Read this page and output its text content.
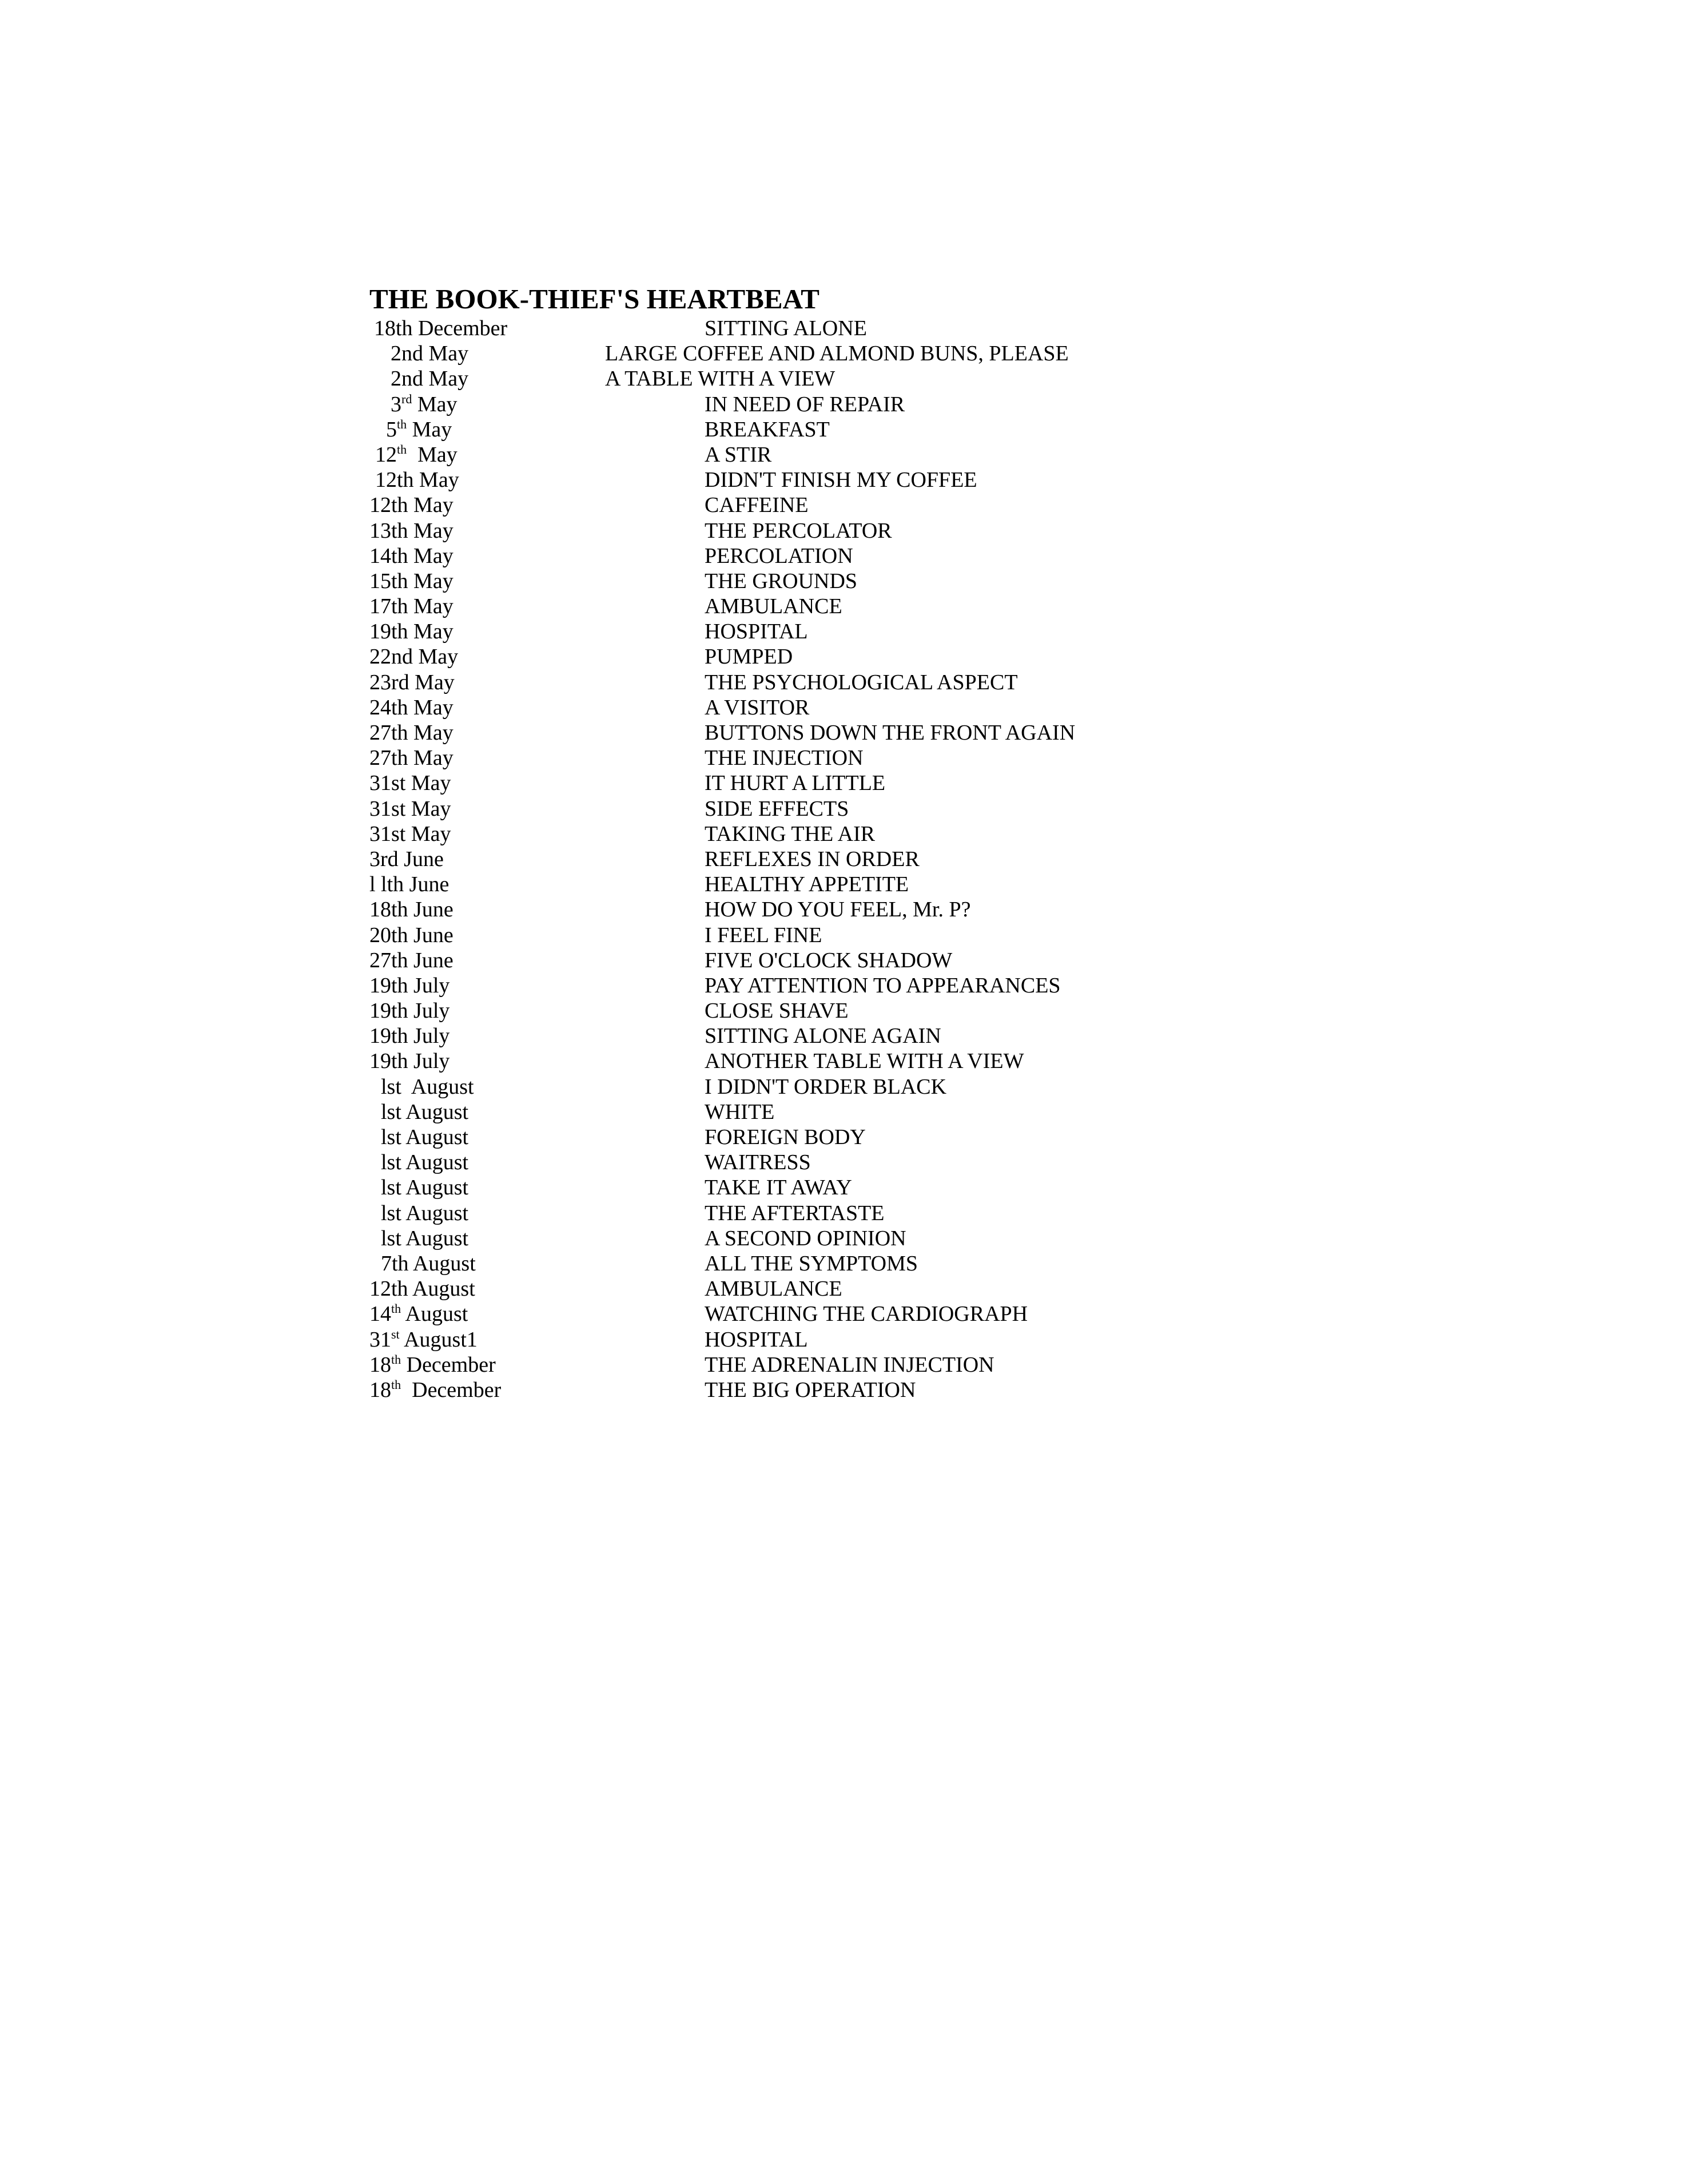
THE BOOK-THIEF'S HEARTBEAT
18th December	SITTING ALONE
2nd May	LARGE COFFEE AND ALMOND BUNS, PLEASE
2nd May	A TABLE WITH A VIEW
3rd May	IN NEED OF REPAIR
5th May	BREAKFAST
12th  May	A STIR
12th May	DIDN'T FINISH MY COFFEE
12th May	CAFFEINE
13th May	THE PERCOLATOR
14th May	PERCOLATION
15th May	THE GROUNDS
17th May	AMBULANCE
19th May	HOSPITAL
22nd May	PUMPED
23rd May	THE PSYCHOLOGICAL ASPECT
24th May	A VISITOR
27th May	BUTTONS DOWN THE FRONT AGAIN
27th May	THE INJECTION
31st May	IT HURT A LITTLE
31st May	SIDE EFFECTS
31st May	TAKING THE AIR
3rd June	REFLEXES IN ORDER
l lth June	HEALTHY APPETITE
18th June	HOW DO YOU FEEL, Mr. P?
20th June	I FEEL FINE
27th June	FIVE O'CLOCK SHADOW
19th July	PAY ATTENTION TO APPEARANCES
19th July	CLOSE SHAVE
19th July	SITTING ALONE AGAIN
19th July	ANOTHER TABLE WITH A VIEW
lst  August	I DIDN'T ORDER BLACK
lst August	WHITE
lst August	FOREIGN BODY
lst August	WAITRESS
lst August	TAKE IT AWAY
lst August	THE AFTERTASTE
lst August	A SECOND OPINION
7th August	ALL THE SYMPTOMS
12th August	AMBULANCE
14th August	WATCHING THE CARDIOGRAPH
31st August1	HOSPITAL
18th December	THE ADRENALIN INJECTION
18th  December	THE BIG OPERATION
